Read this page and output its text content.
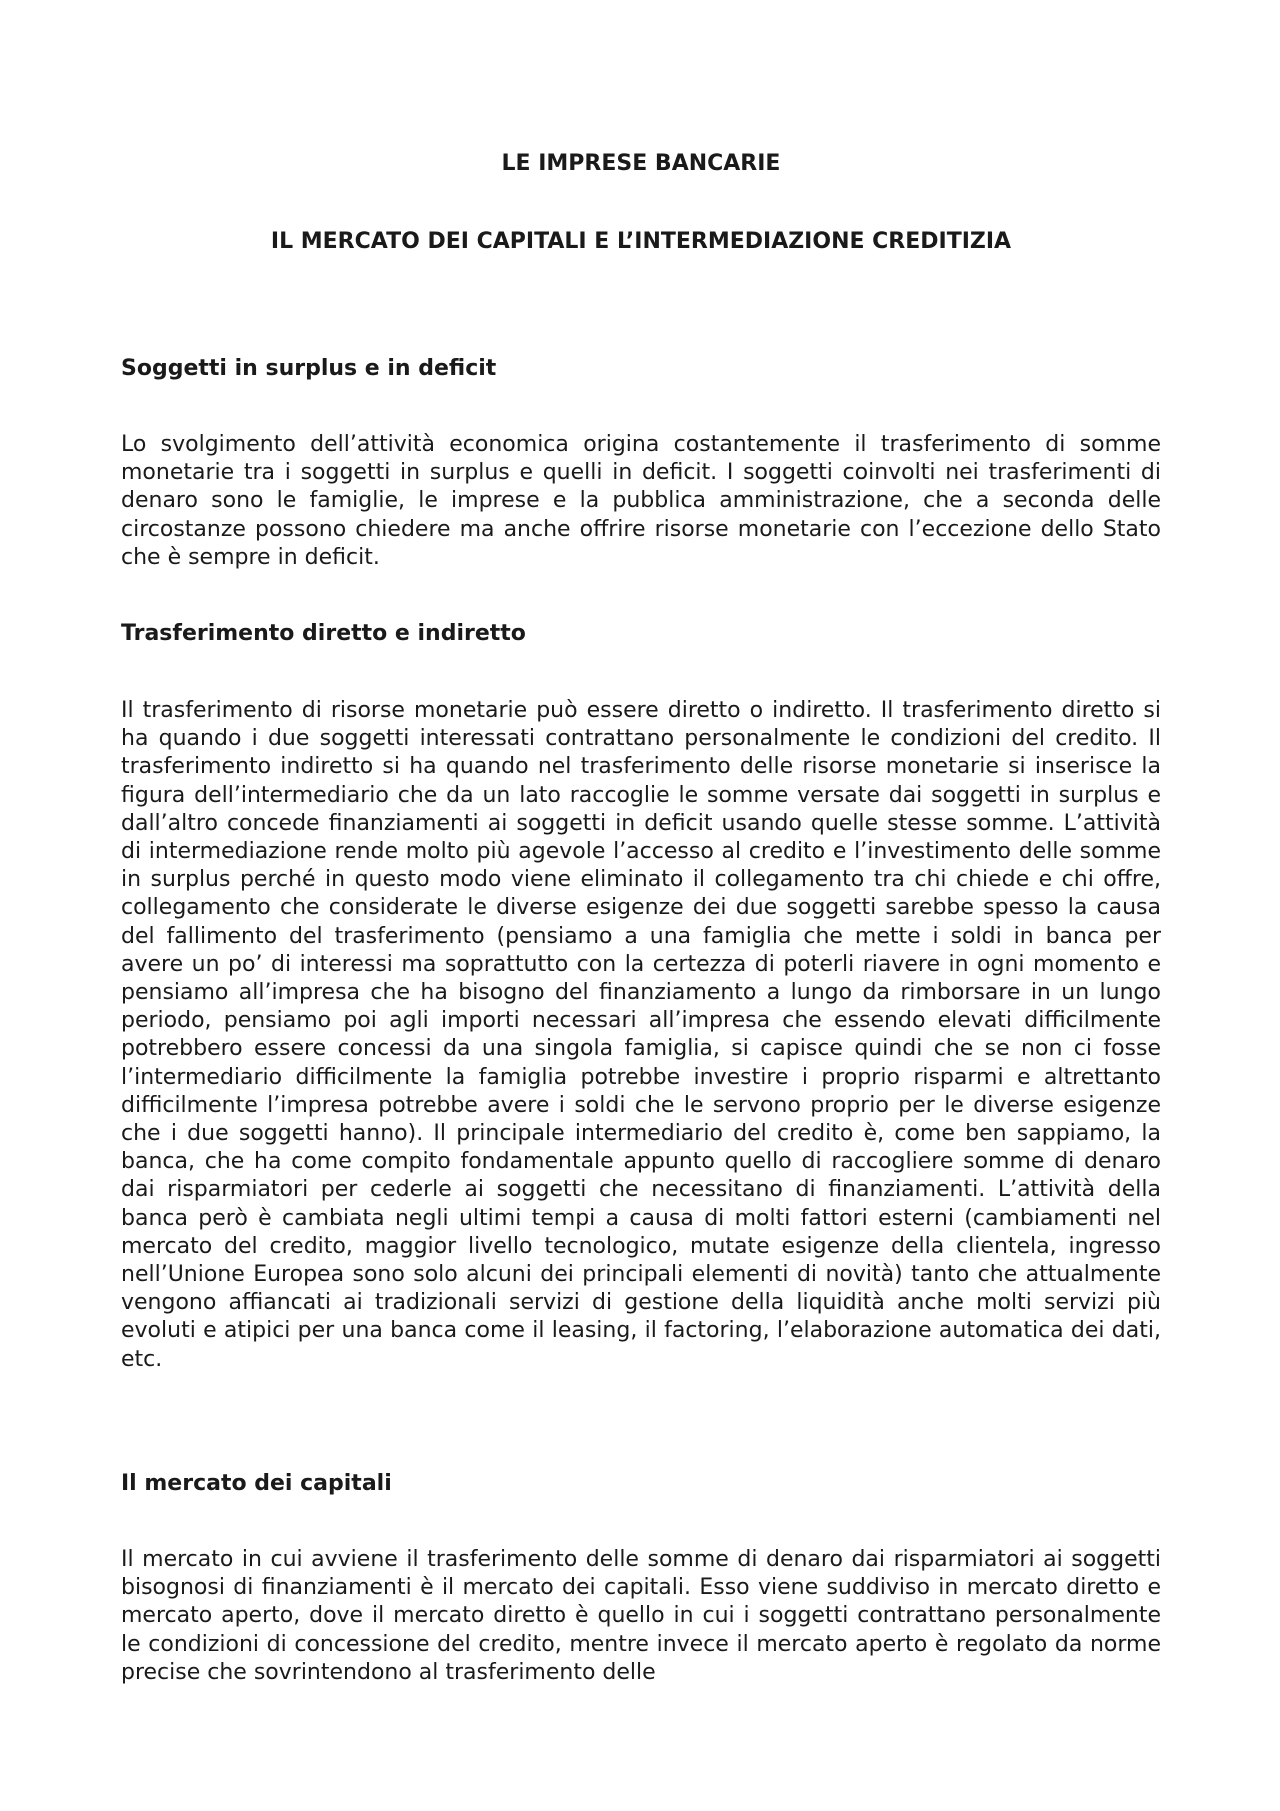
LE IMPRESE BANCARIE
IL MERCATO DEI CAPITALI E L’INTERMEDIAZIONE CREDITIZIA
Soggetti in surplus e in deficit

Lo svolgimento dell’attività economica origina costantemente il trasferimento di somme monetarie tra i soggetti in surplus e quelli in deficit. I soggetti coinvolti nei trasferimenti di denaro sono le famiglie, le imprese e la pubblica amministrazione, che a seconda delle circostanze possono chiedere ma anche offrire risorse monetarie con l’eccezione dello Stato che è sempre in deficit.

Trasferimento diretto e indiretto

Il trasferimento di risorse monetarie può essere diretto o indiretto. Il trasferimento diretto si ha quando i due soggetti interessati contrattano personalmente le condizioni del credito. Il trasferimento indiretto si ha quando nel trasferimento delle risorse monetarie si inserisce la figura dell’intermediario che da un lato raccoglie le somme versate dai soggetti in surplus e dall’altro concede finanziamenti ai soggetti in deficit usando quelle stesse somme. L’attività di intermediazione rende molto più agevole l’accesso al credito e l’investimento delle somme in surplus perché in questo modo viene eliminato il collegamento tra chi chiede e chi offre, collegamento che considerate le diverse esigenze dei due soggetti sarebbe spesso la causa del fallimento del trasferimento (pensiamo a una famiglia che mette i soldi in banca per avere un po’ di interessi ma soprattutto con la certezza di poterli riavere in ogni momento e pensiamo all’impresa che ha bisogno del finanziamento a lungo da rimborsare in un lungo periodo, pensiamo poi agli importi necessari all’impresa che essendo elevati difficilmente potrebbero essere concessi da una singola famiglia, si capisce quindi che se non ci fosse l’intermediario difficilmente la famiglia potrebbe investire i proprio risparmi e altrettanto difficilmente l’impresa potrebbe avere i soldi che le servono proprio per le diverse esigenze che i due soggetti hanno). Il principale intermediario del credito è, come ben sappiamo, la banca, che ha come compito fondamentale appunto quello di raccogliere somme di denaro dai risparmiatori per cederle ai soggetti che necessitano di finanziamenti. L’attività della banca però è cambiata negli ultimi tempi a causa di molti fattori esterni (cambiamenti nel mercato del credito, maggior livello tecnologico, mutate esigenze della clientela, ingresso nell’Unione Europea sono solo alcuni dei principali elementi di novità) tanto che attualmente vengono affiancati ai tradizionali servizi di gestione della liquidità anche molti servizi più evoluti e atipici per una banca come il leasing, il factoring, l’elaborazione automatica dei dati, etc.

Il mercato dei capitali

Il mercato in cui avviene il trasferimento delle somme di denaro dai risparmiatori ai soggetti bisognosi di finanziamenti è il mercato dei capitali. Esso viene suddiviso in mercato diretto e mercato aperto, dove il mercato diretto è quello in cui i soggetti contrattano personalmente le condizioni di concessione del credito, mentre invece il mercato aperto è regolato da norme precise che sovrintendono al trasferimento delle
